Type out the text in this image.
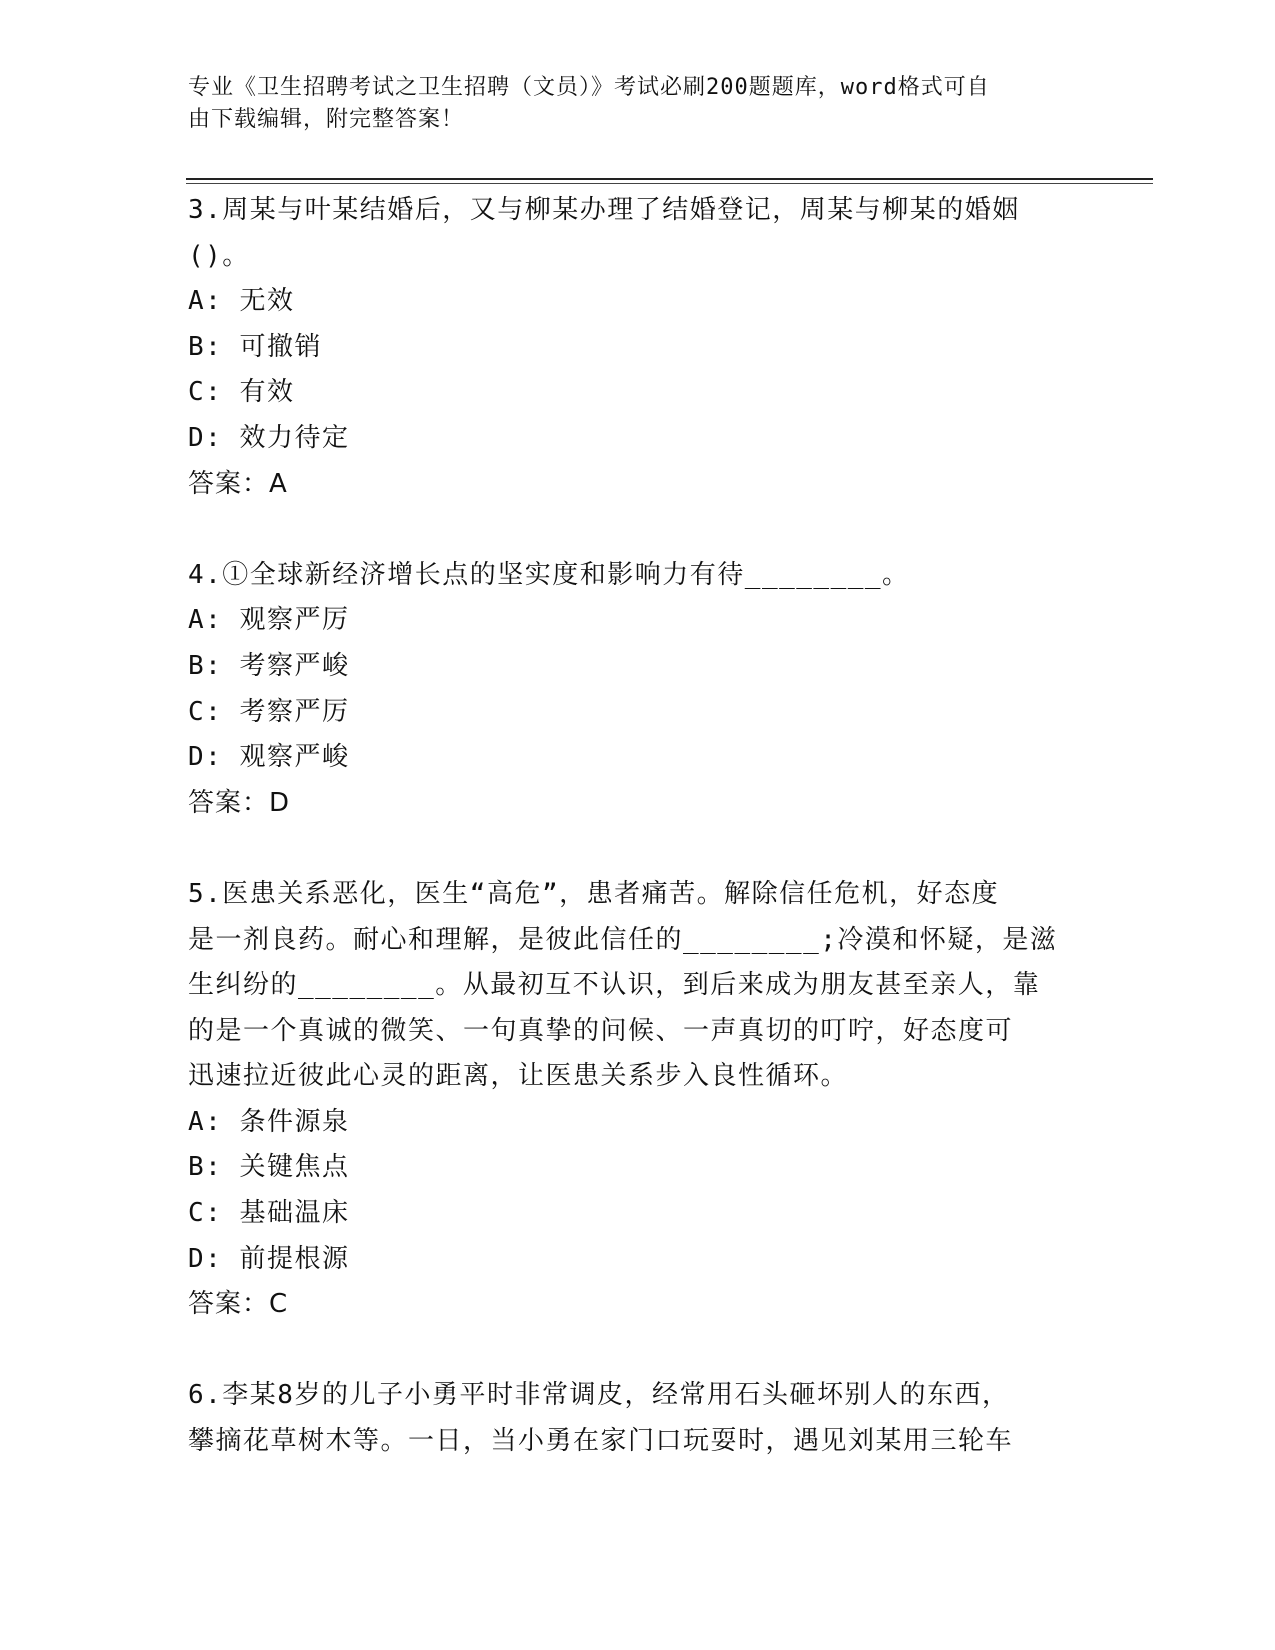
专业《卫生招聘考试之卫生招聘（文员）》考试必刷200题题库，word格式可自
由下载编辑，附完整答案！
3.周某与叶某结婚后，又与柳某办理了结婚登记，周某与柳某的婚姻
()。
A: 无效
B: 可撤销
C: 有效
D: 效力待定
答案：A
4.①全球新经济增长点的坚实度和影响力有待________。
A: 观察严厉
B: 考察严峻
C: 考察严厉
D: 观察严峻
答案：D
5.医患关系恶化，医生“高危”，患者痛苦。解除信任危机，好态度
是一剂良药。耐心和理解，是彼此信任的________;冷漠和怀疑，是滋
生纠纷的________。从最初互不认识，到后来成为朋友甚至亲人，靠
的是一个真诚的微笑、一句真挚的问候、一声真切的叮咛，好态度可
迅速拉近彼此心灵的距离，让医患关系步入良性循环。
A: 条件源泉
B: 关键焦点
C: 基础温床
D: 前提根源
答案：C
6.李某8岁的儿子小勇平时非常调皮，经常用石头砸坏别人的东西，
攀摘花草树木等。一日，当小勇在家门口玩耍时，遇见刘某用三轮车
